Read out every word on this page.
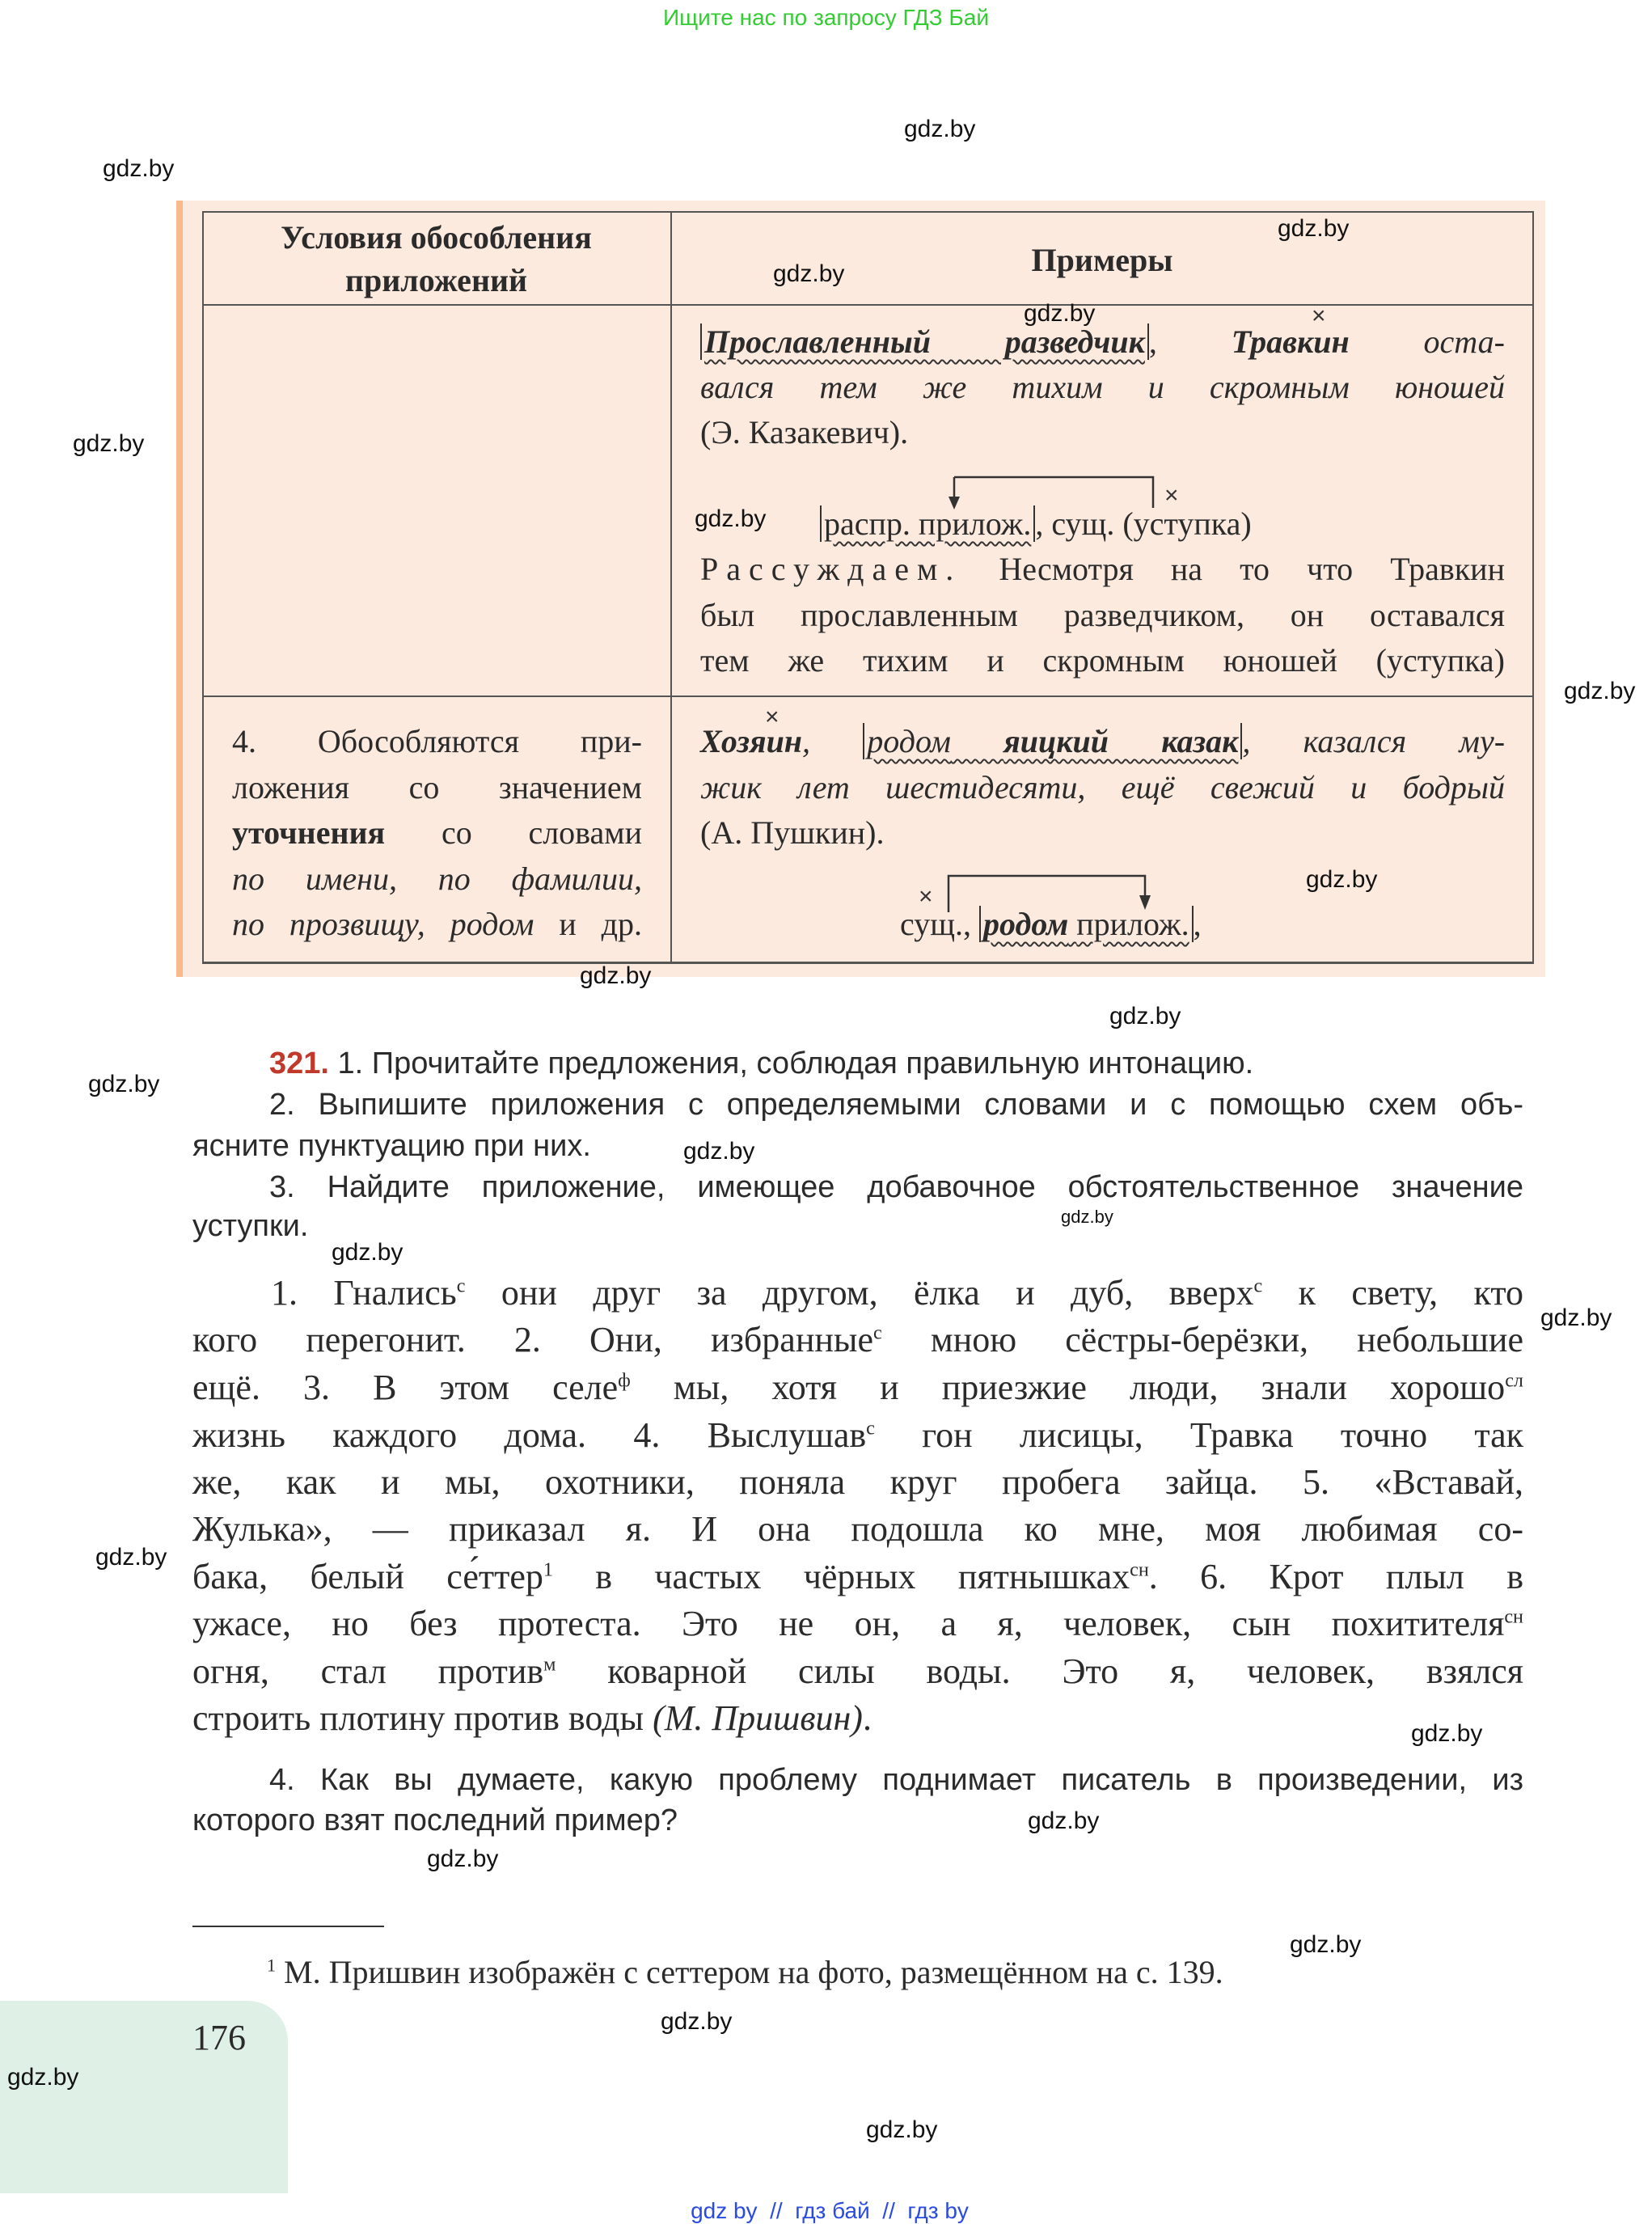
Ищите нас по запросу ГДЗ Бай
Условия обособления
приложений
Примеры
×
Прославленный разведчик , Травкин оста-
вался тем же тихим и скромным юношей
(Э. Казакевич).
×
распр. прилож. , сущ. (уступка)
Рассуждаем. Несмотря на то что Травкин
был прославленным разведчиком, он оставался
тем же тихим и скромным юношей (уступка)
4. Обособляются при-
ложения со значением
уточнения со словами
по имени, по фамилии,
по прозвищу, родом и др.
×
Хозяин, родом яицкий казак , казался му-
жик лет шестидесяти, ещё свежий и бодрый
(А. Пушкин).
×
сущ., родом прилож. ,
321. 1. Прочитайте предложения, соблюдая правильную интонацию.
2. Выпишите приложения с определяемыми словами и с помощью схем объ-
ясните пунктуацию при них.
3. Найдите приложение, имеющее добавочное обстоятельственное значение
уступки.
1. Гнались$^с$ они друг за другом, ёлка и дуб, вверх$^с$ к свету, кто
кого перегонит. 2. Они, избранные$^с$ мною сёстры-берёзки, небольшие
ещё. 3. В этом селе$^ф$ мы, хотя и приезжие люди, знали хорошо$^{сл}$
жизнь каждого дома. 4. Выслушав$^с$ гон лисицы, Травка точно так
же, как и мы, охотники, поняла круг пробега зайца. 5. «Вставай,
Жулька», — приказал я. И она подошла ко мне, моя любимая со-
бака, белый се́ттер$^1$ в частых чёрных пятнышках$^{сн}$. 6. Крот плыл в
ужасе, но без протеста. Это не он, а я, человек, сын похитителя$^{сн}$
огня, стал против$^м$ коварной силы воды. Это я, человек, взялся
строить плотину против воды (М. Пришвин).
4. Как вы думаете, какую проблему поднимает писатель в произведении, из
которого взят последний пример?
$^1$ М. Пришвин изображён с сеттером на фото, размещённом на с. 139.
176
gdz.by
gdz.by
gdz.by
gdz.by
gdz.by
gdz.by
gdz.by
gdz.by
gdz.by
gdz.by
gdz.by
gdz.by
gdz.by
gdz.by
gdz.by
gdz.by
gdz.by
gdz.by
gdz.by
gdz.by
gdz.by
gdz.by
gdz.by
gdz.by
gdz by  //  гдз бай  //  гдз by
